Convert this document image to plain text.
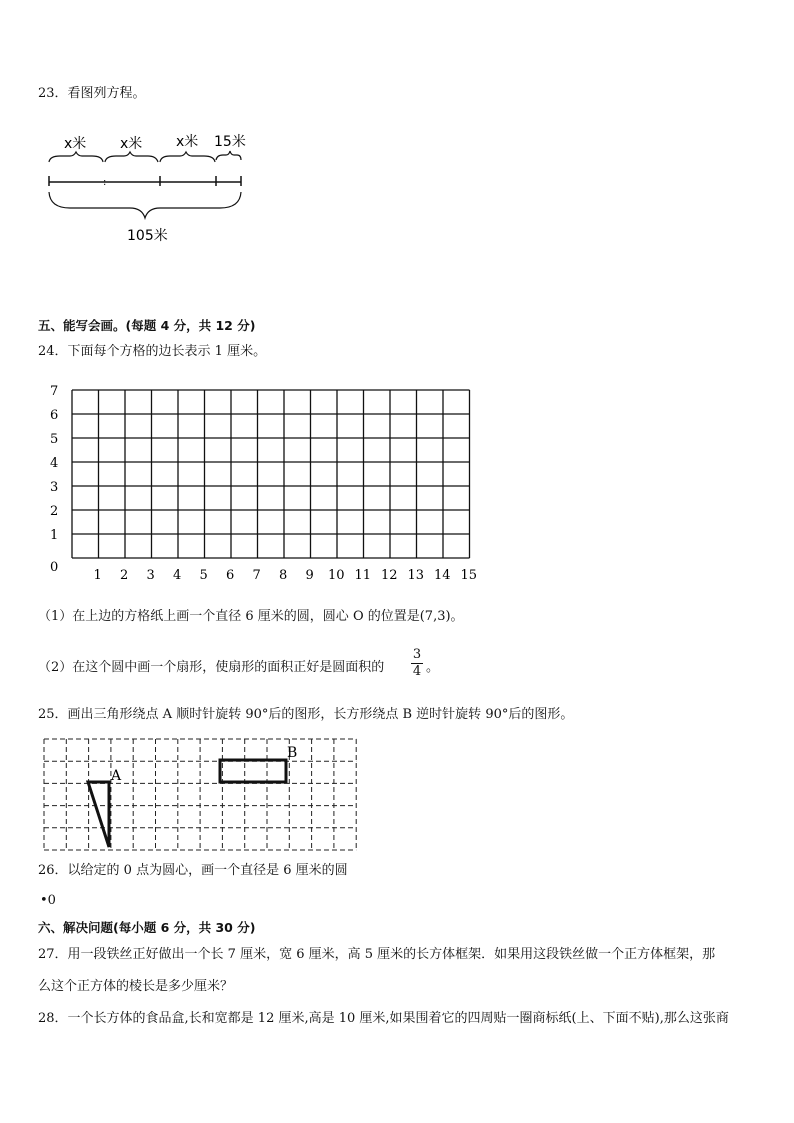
23．看图列方程。
x米 x米 x米 15米
:
105米
五、能写会画。(每题 4 分，共 12 分)
24．下面每个方格的边长表示 1 厘米。
7
6
5
4
3
2
1
0
1 2 3 4 5 6 7 8 9 10 11 12 13 14 15
（1）在上边的方格纸上画一个直径 6 厘米的圆，圆心 O 的位置是(7,3)。
（2）在这个圆中画一个扇形，使扇形的面积正好是圆面积的
3
4 。
25．画出三角形绕点 A 顺时针旋转 90°后的图形，长方形绕点 B 逆时针旋转 90°后的图形。
A
B
26．以给定的 0 点为圆心，画一个直径是 6 厘米的圆
•0
六、解决问题(每小题 6 分，共 30 分)
27．用一段铁丝正好做出一个长 7 厘米，宽 6 厘米，高 5 厘米的长方体框架．如果用这段铁丝做一个正方体框架，那
么这个正方体的棱长是多少厘米？
28．一个长方体的食品盒,长和宽都是 12 厘米,高是 10 厘米,如果围着它的四周贴一圈商标纸(上、下面不贴),那么这张商
